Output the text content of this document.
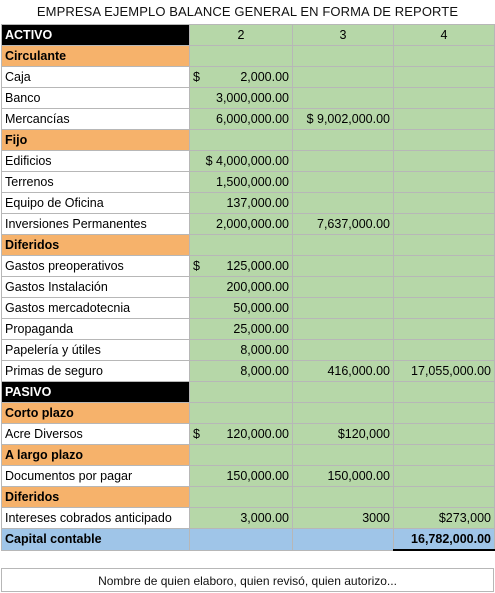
EMPRESA EJEMPLO BALANCE GENERAL EN FORMA DE REPORTE
ACTIVO	2	3	4
Circulante			
Caja	$ 2,000.00		
Banco	3,000,000.00		
Mercancías	6,000,000.00	$ 9,002,000.00	
Fijo			
Edificios	$ 4,000,000.00		
Terrenos	1,500,000.00		
Equipo de Oficina	137,000.00		
Inversiones Permanentes	2,000,000.00	7,637,000.00	
Diferidos			
Gastos preoperativos	$ 125,000.00		
Gastos Instalación	200,000.00		
Gastos mercadotecnia	50,000.00		
Propaganda	25,000.00		
Papelería y útiles	8,000.00		
Primas de seguro	8,000.00	416,000.00	17,055,000.00
PASIVO			
Corto plazo			
Acre Diversos	$ 120,000.00	$120,000	
A largo plazo			
Documentos por pagar	150,000.00	150,000.00	
Diferidos			
Intereses cobrados anticipado	3,000.00	3000	$273,000
Capital contable			16,782,000.00
Nombre de quien elaboro, quien revisó, quien autorizo...
